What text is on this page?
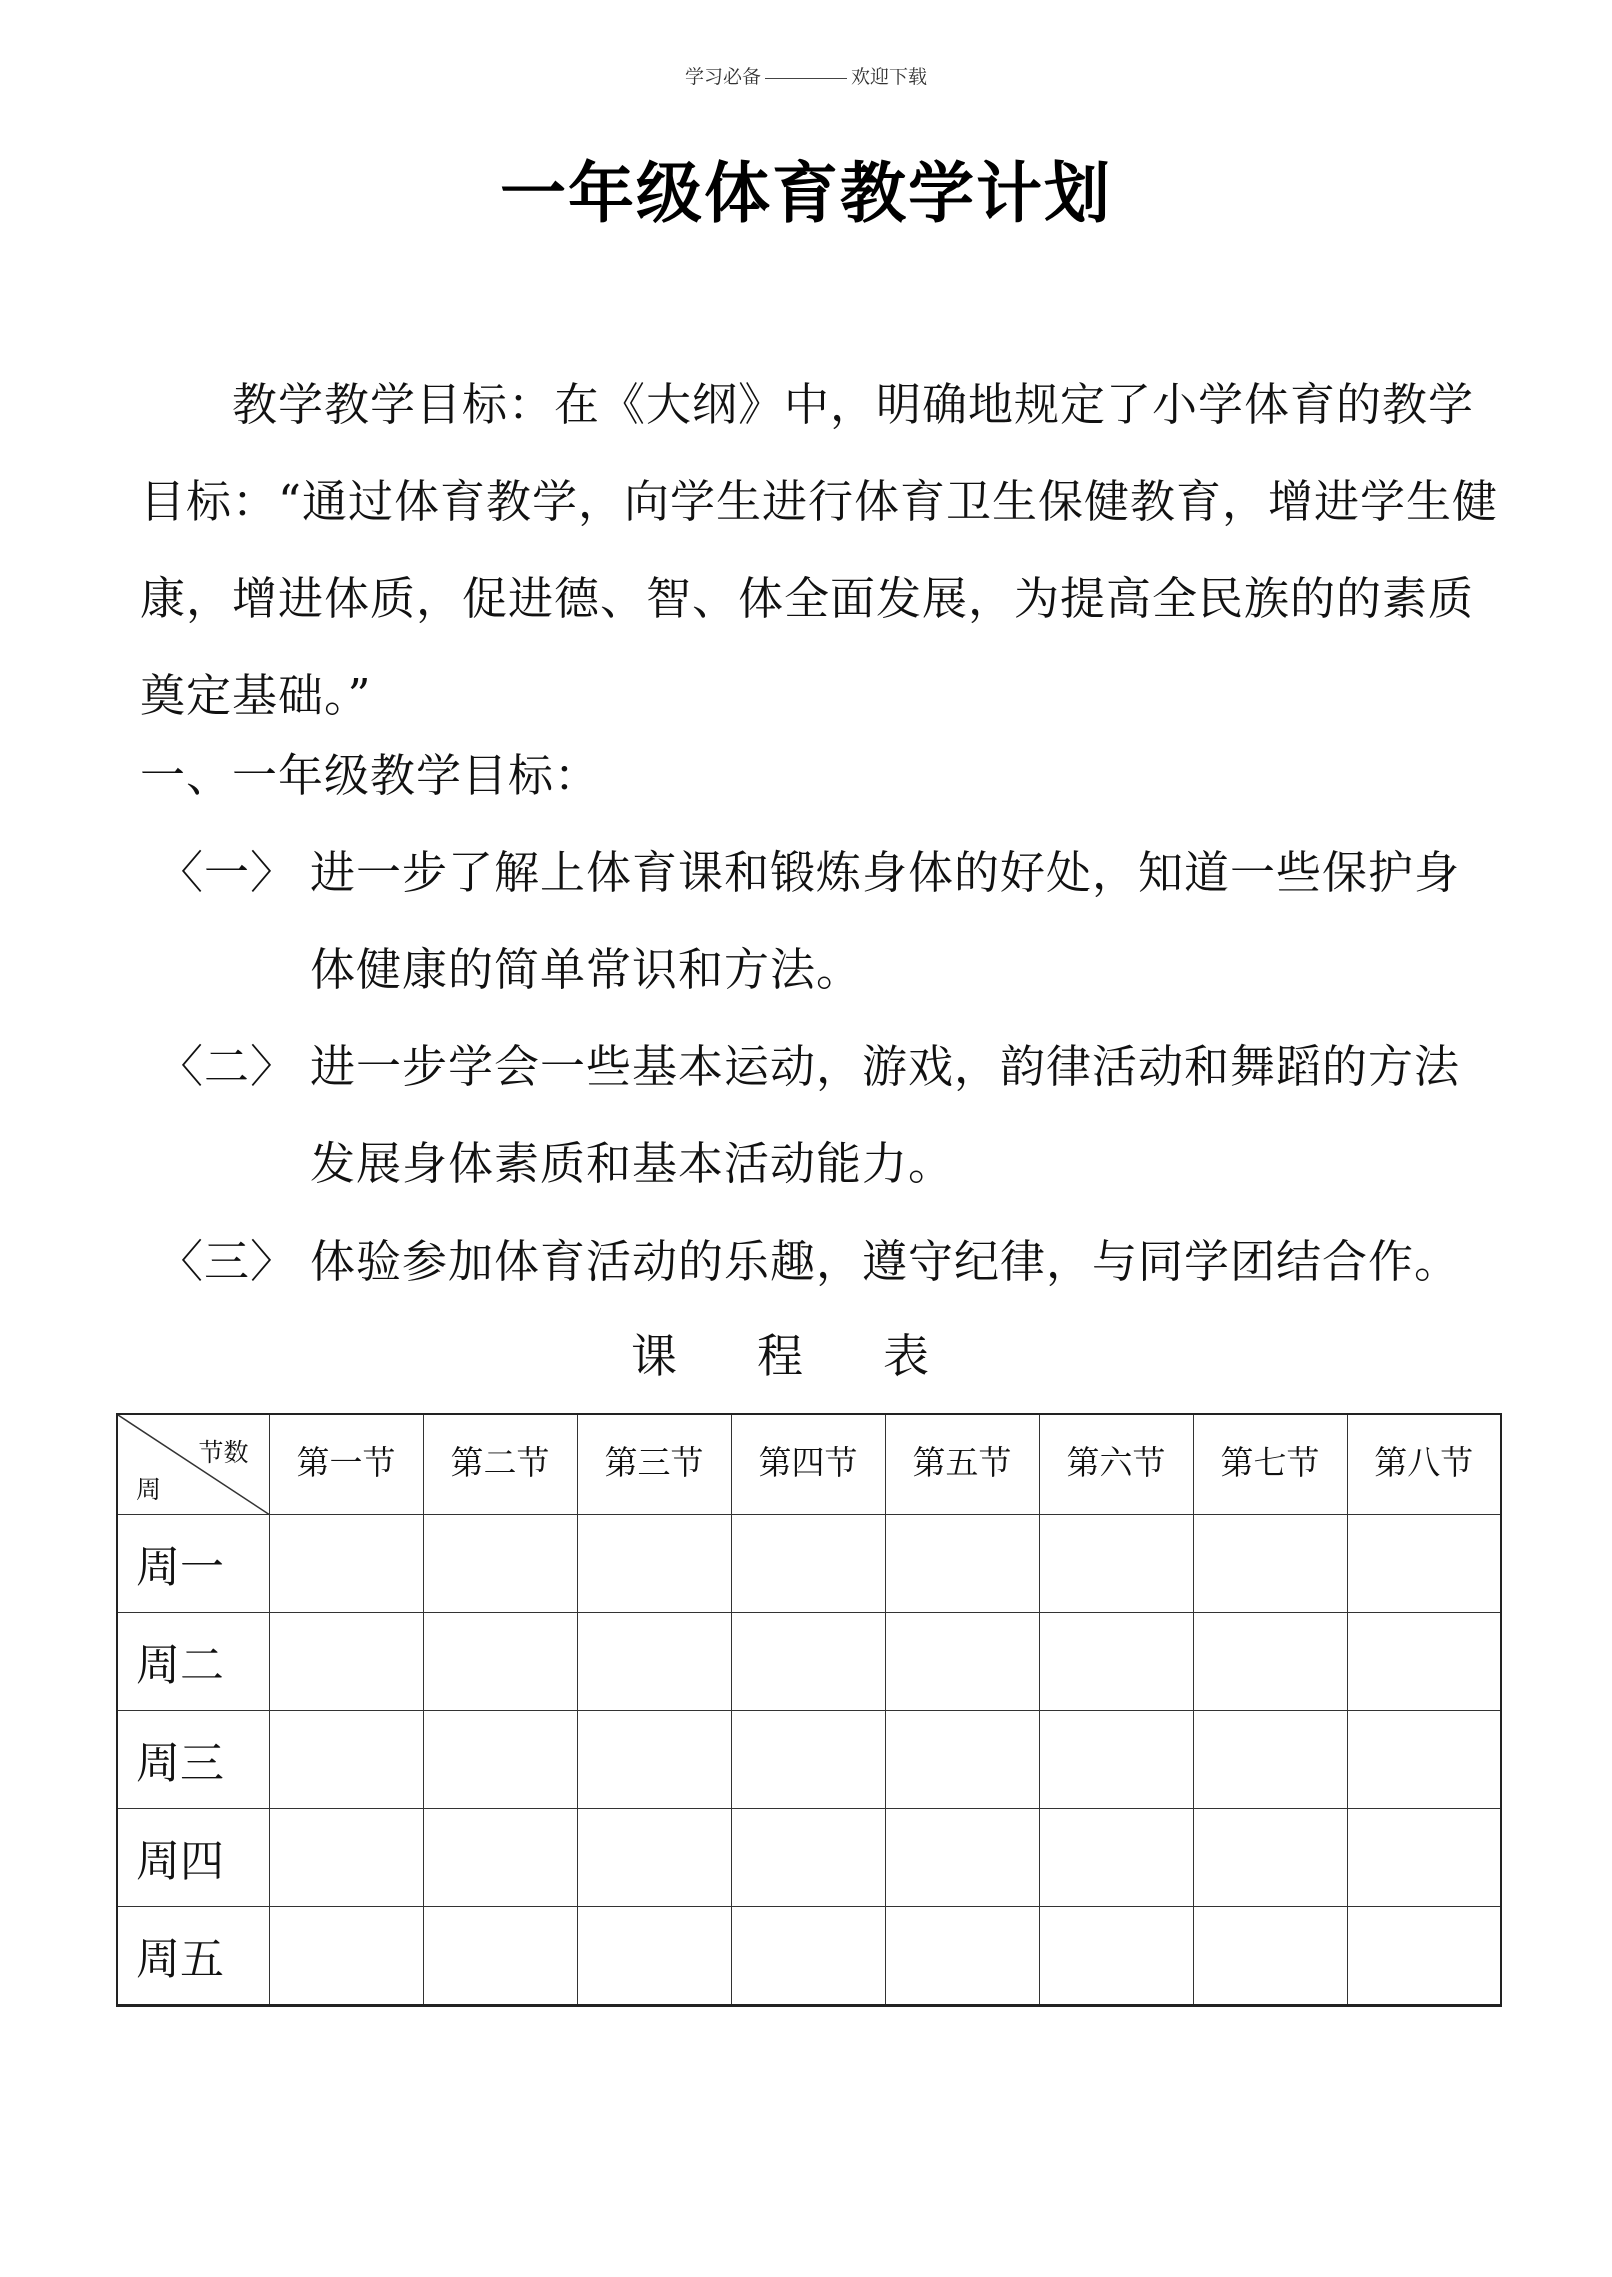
学习必备	欢迎下载
一年级体育教学计划
教学教学目标：在《大纲》中，明确地规定了小学体育的教学目标：“通过体育教学，向学生进行体育卫生保健教育，增进学生健康，增进体质，促进德、智、体全面发展，为提高全民族的的素质奠定基础。”
一、一年级教学目标：
〈一〉 进一步了解上体育课和锻炼身体的好处，知道一些保护身
体健康的简单常识和方法。
〈二〉 进一步学会一些基本运动，游戏，韵律活动和舞蹈的方法
发展身体素质和基本活动能力。
〈三〉 体验参加体育活动的乐趣，遵守纪律，与同学团结合作。
课程表
节数
周	第一节	第二节	第三节	第四节	第五节	第六节	第七节	第八节
周一								
周二								
周三								
周四								
周五								
